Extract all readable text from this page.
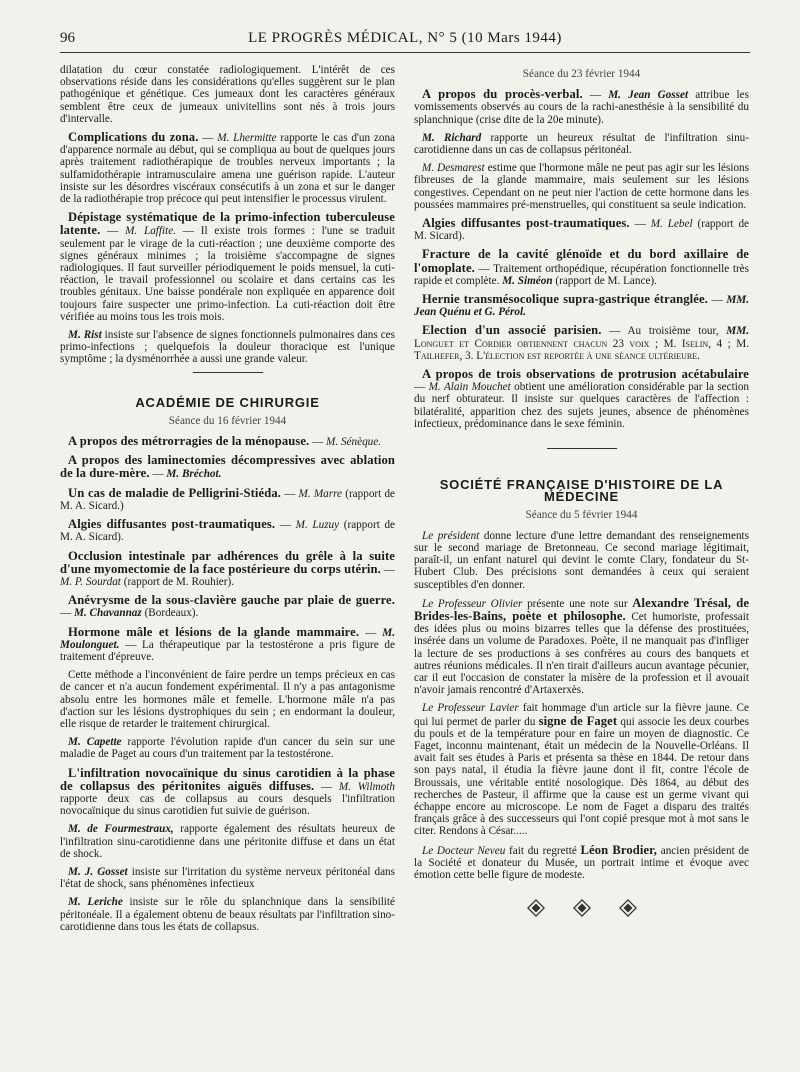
96	LE PROGRÈS MÉDICAL, N° 5 (10 Mars 1944)

dilatation du cœur constatée radiologiquement. L'intérêt de ces observations réside dans les considérations qu'elles suggèrent sur le plan pathogénique et génétique. Ces jumeaux dont les caractères généraux semblent être ceux de jumeaux univitellins sont nés à trois jours d'intervalle.

Complications du zona. — M. Lhermitte rapporte le cas d'un zona d'apparence normale au début, qui se compliqua au bout de quelques jours après traitement radiothérapique de troubles nerveux importants ; la sulfamidothérapie intramusculaire amena une guérison rapide. L'auteur insiste sur les désordres viscéraux consécutifs à un zona et sur le danger de la radiothérapie trop précoce qui peut intensifier le processus virulent.

Dépistage systématique de la primo-infection tuberculeuse latente. — M. Laffite. — Il existe trois formes : l'une se traduit seulement par le virage de la cuti-réaction ; une deuxième comporte des signes généraux minimes ; la troisième s'accompagne de signes radiologiques. Il faut surveiller périodiquement le poids mensuel, la cuti-réaction, le travail professionnel ou scolaire et dans certains cas les troubles génitaux. Une baisse pondérale non expliquée en apparence doit toujours faire suspecter une primo-infection. La cuti-réaction doit être vérifiée au moins tous les trois mois.

M. Rist insiste sur l'absence de signes fonctionnels pulmonaires dans ces primo-infections ; quelquefois la douleur thoracique est l'unique symptôme ; la dysménorrhée a aussi une grande valeur.

ACADÉMIE DE CHIRURGIE
Séance du 16 février 1944

A propos des métrorragies de la ménopause. — M. Sénèque.

A propos des laminectomies décompressives avec ablation de la dure-mère. — M. Bréchot.

Un cas de maladie de Pelligrini-Stiéda. — M. Marre (rapport de M. A. Sicard.)

Algies diffusantes post-traumatiques. — M. Luzuy (rapport de M. A. Sicard).

Occlusion intestinale par adhérences du grêle à la suite d'une myomectomie de la face postérieure du corps utérin. — M. P. Sourdat (rapport de M. Rouhier).

Anévrysme de la sous-clavière gauche par plaie de guerre. — M. Chavannaz (Bordeaux).

Hormone mâle et lésions de la glande mammaire. — M. Moulonguet. — La thérapeutique par la testostérone a pris figure de traitement d'épreuve.

Cette méthode a l'inconvénient de faire perdre un temps précieux en cas de cancer et n'a aucun fondement expérimental. Il n'y a pas antagonisme absolu entre les hormones mâle et femelle. L'hormone mâle n'a pas d'action sur les lésions dystrophiques du sein ; en endormant la douleur, elle risque de retarder le traitement chirurgical.

M. Capette rapporte l'évolution rapide d'un cancer du sein sur une maladie de Paget au cours d'un traitement par la testostérone.

L'infiltration novocaïnique du sinus carotidien à la phase de collapsus des péritonites aiguës diffuses. — M. Wilmoth rapporte deux cas de collapsus au cours desquels l'infiltration novocaïnique du sinus carotidien fut suivie de guérison.

M. de Fourmestraux, rapporte également des résultats heureux de l'infiltration sinu-carotidienne dans une péritonite diffuse et dans un état de shock.

M. J. Gosset insiste sur l'irritation du système nerveux péritonéal dans l'état de shock, sans phénomènes infectieux

M. Leriche insiste sur le rôle du splanchnique dans la sensibilité péritonéale. Il a également obtenu de beaux résultats par l'infiltration sino-carotidienne dans tous les états de collapsus.

Séance du 23 février 1944

A propos du procès-verbal. — M. Jean Gosset attribue les vomissements observés au cours de la rachi-anesthésie à la sensibilité du splanchnique (crise dite de la 20e minute).

M. Richard rapporte un heureux résultat de l'infiltration sinu-carotidienne dans un cas de collapsus péritonéal.

M. Desmarest estime que l'hormone mâle ne peut pas agir sur les lésions fibreuses de la glande mammaire, mais seulement sur les lésions congestives. Cependant on ne peut nier l'action de cette hormone dans les poussées mammaires pré-menstruelles, qui constituent sa seule indication.

Algies diffusantes post-traumatiques. — M. Lebel (rapport de M. Sicard).

Fracture de la cavité glénoïde et du bord axillaire de l'omoplate. — Traitement orthopédique, récupération fonctionnelle très rapide et complète. M. Siméon (rapport de M. Lance).

Hernie transmésocolique supra-gastrique étranglée. — MM. Jean Quénu et G. Pérol.

Election d'un associé parisien. — Au troisième tour, MM. Longuet et Cordier obtiennent chacun 23 voix ; M. Iselin, 4 ; M. Tailhefer, 3. L'élection est reportée à une séance ultérieure.

A propos de trois observations de protrusion acétabulaire — M. Alain Mouchet obtient une amélioration considérable par la section du nerf obturateur. Il insiste sur quelques caractères de l'affection : bilatéralité, apparition chez des sujets jeunes, absence de phénomènes infectieux, prédominance dans le sexe féminin.

SOCIÉTÉ FRANÇAISE D'HISTOIRE DE LA MÉDECINE
Séance du 5 février 1944

Le président donne lecture d'une lettre demandant des renseignements sur le second mariage de Bretonneau. Ce second mariage légitimait, paraît-il, un enfant naturel qui devint le comte Clary, fondateur du St-Hubert Club. Des précisions sont demandées à ceux qui seraient susceptibles d'en donner.

Le Professeur Olivier présente une note sur Alexandre Trésal, de Brides-les-Bains, poète et philosophe. Cet humoriste, professait des idées plus ou moins bizarres telles que la défense des prostituées, insérée dans un volume de Paradoxes. Poète, il ne manquait pas d'infliger la lecture de ses productions à ses confrères au cours des banquets et autres réunions médicales. Il n'en tirait d'ailleurs aucun avantage pécunier, car il eut l'occasion de constater la misère de la profession et il avouait n'avoir jamais rencontré d'Artaxerxès.

Le Professeur Lavier fait hommage d'un article sur la fièvre jaune. Ce qui lui permet de parler du signe de Faget qui associe les deux courbes du pouls et de la température pour en faire un moyen de diagnostic. Ce Faget, inconnu maintenant, était un médecin de la Nouvelle-Orléans. Il avait fait ses études à Paris et présenta sa thèse en 1844. De retour dans son pays natal, il étudia la fièvre jaune dont il fit, contre l'école de Broussais, une véritable entité nosologique. Dès 1864, au début des recherches de Pasteur, il affirme que la cause est un germe vivant qui échappe encore au microscope. Le nom de Faget a disparu des traités français grâce à des successeurs qui l'ont copié presque mot à mot sans le citer. Rendons à César.....

Le Docteur Neveu fait du regretté Léon Brodier, ancien président de la Société et donateur du Musée, un portrait intime et évoque avec émotion cette belle figure de modeste.
